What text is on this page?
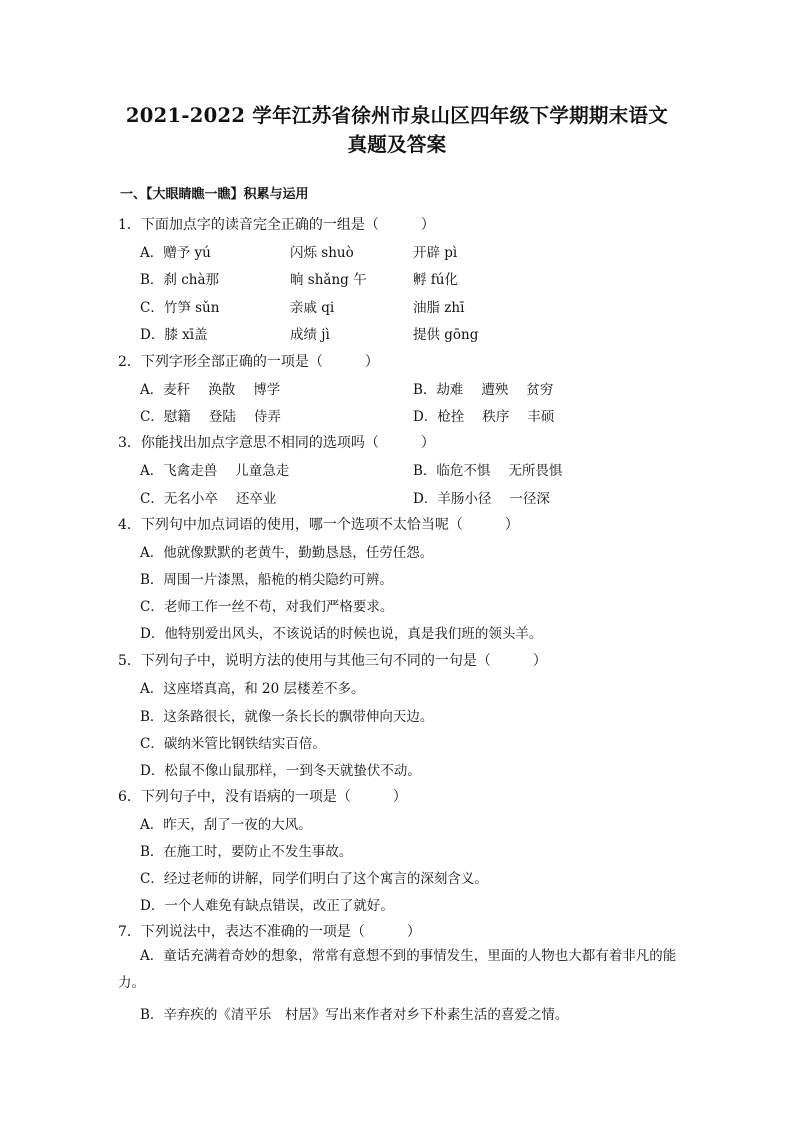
2021-2022 学年江苏省徐州市泉山区四年级下学期期末语文
真题及答案
一、【大眼睛瞧一瞧】积累与运用
1．下面加点字的读音完全正确的一组是（　　　）
A．赠予 yú	闪烁 shuò	开辟 pì
B．刹 chà那	晌 shǎng 午	孵 fú化
C．竹笋 sǔn	亲戚 qi	油脂 zhī
D．膝 xī盖	成绩 jì	提供 gōng
2．下列字形全部正确的一项是（　　　）
A．麦秆 涣散 博学	B．劫难 遭殃 贫穷
C．慰籍 登陆 侍弄	D．枪拴 秩序 丰硕
3．你能找出加点字意思不相同的选项吗（　　　）
A．飞禽走兽 儿童急走	B．临危不惧 无所畏惧
C．无名小卒 还卒业	D．羊肠小径 一径深
4．下列句中加点词语的使用，哪一个选项不太恰当呢（　　　）
A．他就像默默的老黄牛，勤勤恳恳，任劳任怨。
B．周围一片漆黑，船桅的梢尖隐约可辨。
C．老师工作一丝不苟，对我们严格要求。
D．他特别爱出风头，不该说话的时候也说，真是我们班的领头羊。
5．下列句子中，说明方法的使用与其他三句不同的一句是（　　　）
A．这座塔真高，和 20 层楼差不多。
B．这条路很长，就像一条长长的飘带伸向天边。
C．碳纳米管比钢铁结实百倍。
D．松鼠不像山鼠那样，一到冬天就蛰伏不动。
6．下列句子中，没有语病的一项是（　　　）
A．昨天，刮了一夜的大风。
B．在施工时，要防止不发生事故。
C．经过老师的讲解，同学们明白了这个寓言的深刻含义。
D．一个人难免有缺点错误，改正了就好。
7．下列说法中，表达不准确的一项是（　　　）
A．童话充满着奇妙的想象，常常有意想不到的事情发生，里面的人物也大都有着非凡的能力。
B．辛弃疾的《清平乐　村居》写出来作者对乡下朴素生活的喜爱之情。
